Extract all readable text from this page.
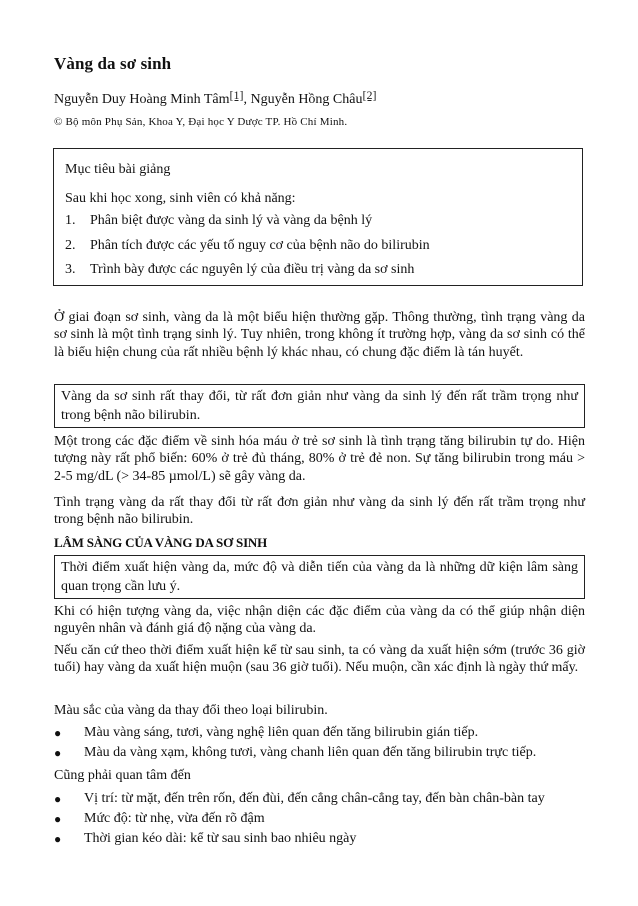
Vàng da sơ sinh
Nguyễn Duy Hoàng Minh Tâm[1], Nguyễn Hồng Châu[2]
© Bộ môn Phụ Sản, Khoa Y, Đại học Y Dược TP. Hồ Chí Minh.
Mục tiêu bài giảng
Sau khi học xong, sinh viên có khả năng:
1. Phân biệt được vàng da sinh lý và vàng da bệnh lý
2. Phân tích được các yếu tố nguy cơ của bệnh não do bilirubin
3. Trình bày được các nguyên lý của điều trị vàng da sơ sinh
Ở giai đoạn sơ sinh, vàng da là một biểu hiện thường gặp. Thông thường, tình trạng vàng da sơ sinh là một tình trạng sinh lý. Tuy nhiên, trong không ít trường hợp, vàng da sơ sinh có thể là biểu hiện chung của rất nhiều bệnh lý khác nhau, có chung đặc điểm là tán huyết.
Vàng da sơ sinh rất thay đổi, từ rất đơn giản như vàng da sinh lý đến rất trầm trọng như trong bệnh não bilirubin.
Một trong các đặc điểm về sinh hóa máu ở trẻ sơ sinh là tình trạng tăng bilirubin tự do. Hiện tượng này rất phổ biến: 60% ở trẻ đủ tháng, 80% ở trẻ đẻ non. Sự tăng bilirubin trong máu > 2-5 mg/dL (> 34-85 µmol/L) sẽ gây vàng da.
Tình trạng vàng da rất thay đổi từ rất đơn giản như vàng da sinh lý đến rất trầm trọng như trong bệnh não bilirubin.
LÂM SÀNG CỦA VÀNG DA SƠ SINH
Thời điểm xuất hiện vàng da, mức độ và diễn tiến của vàng da là những dữ kiện lâm sàng quan trọng cần lưu ý.
Khi có hiện tượng vàng da, việc nhận diện các đặc điểm của vàng da có thể giúp nhận diện nguyên nhân và đánh giá độ nặng của vàng da.
Nếu căn cứ theo thời điểm xuất hiện kể từ sau sinh, ta có vàng da xuất hiện sớm (trước 36 giờ tuổi) hay vàng da xuất hiện muộn (sau 36 giờ tuổi). Nếu muộn, cần xác định là ngày thứ mấy.
Màu sắc của vàng da thay đổi theo loại bilirubin.
● Màu vàng sáng, tươi, vàng nghệ liên quan đến tăng bilirubin gián tiếp.
● Màu da vàng xạm, không tươi, vàng chanh liên quan đến tăng bilirubin trực tiếp.
Cũng phải quan tâm đến
● Vị trí: từ mặt, đến trên rốn, đến đùi, đến cẳng chân-cẳng tay, đến bàn chân-bàn tay
● Mức độ: từ nhẹ, vừa đến rõ đậm
● Thời gian kéo dài: kể từ sau sinh bao nhiêu ngày
